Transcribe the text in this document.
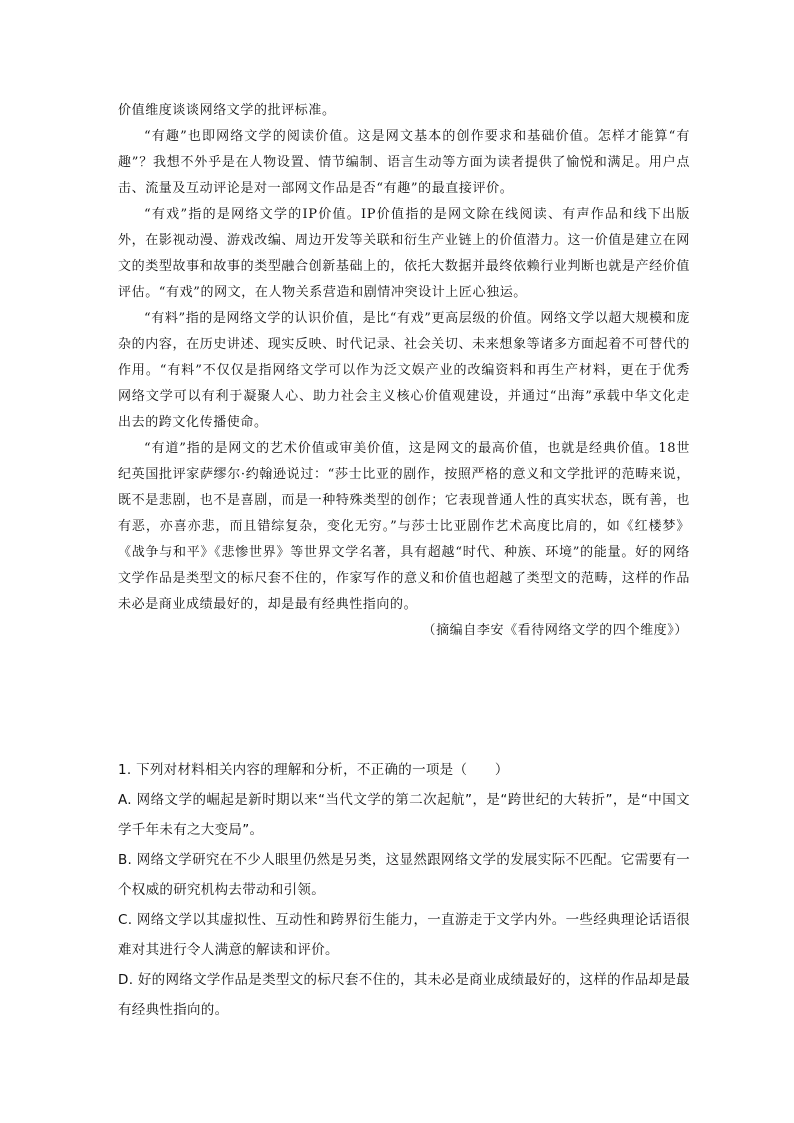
价值维度谈谈网络文学的批评标准。

“有趣”也即网络文学的阅读价值。这是网文基本的创作要求和基础价值。怎样才能算“有趣”？我想不外乎是在人物设置、情节编制、语言生动等方面为读者提供了愉悦和满足。用户点击、流量及互动评论是对一部网文作品是否“有趣”的最直接评价。

“有戏”指的是网络文学的IP价值。IP价值指的是网文除在线阅读、有声作品和线下出版外，在影视动漫、游戏改编、周边开发等关联和衍生产业链上的价值潜力。这一价值是建立在网文的类型故事和故事的类型融合创新基础上的，依托大数据并最终依赖行业判断也就是产经价值评估。“有戏”的网文，在人物关系营造和剧情冲突设计上匠心独运。

“有料”指的是网络文学的认识价值，是比“有戏”更高层级的价值。网络文学以超大规模和庞杂的内容，在历史讲述、现实反映、时代记录、社会关切、未来想象等诸多方面起着不可替代的作用。“有料”不仅仅是指网络文学可以作为泛文娱产业的改编资料和再生产材料，更在于优秀网络文学可以有利于凝聚人心、助力社会主义核心价值观建设，并通过“出海”承载中华文化走出去的跨文化传播使命。

“有道”指的是网文的艺术价值或审美价值，这是网文的最高价值，也就是经典价值。18世纪英国批评家萨缪尔·约翰逊说过：“莎士比亚的剧作，按照严格的意义和文学批评的范畴来说，既不是悲剧，也不是喜剧，而是一种特殊类型的创作；它表现普通人性的真实状态，既有善，也有恶，亦喜亦悲，而且错综复杂，变化无穷。”与莎士比亚剧作艺术高度比肩的，如《红楼梦》《战争与和平》《悲惨世界》等世界文学名著，具有超越“时代、种族、环境”的能量。好的网络文学作品是类型文的标尺套不住的，作家写作的意义和价值也超越了类型文的范畴，这样的作品未必是商业成绩最好的，却是最有经典性指向的。

（摘编自李安《看待网络文学的四个维度》）

1. 下列对材料相关内容的理解和分析，不正确的一项是（　　）

A. 网络文学的崛起是新时期以来“当代文学的第二次起航”，是“跨世纪的大转折”，是“中国文学千年未有之大变局”。

B. 网络文学研究在不少人眼里仍然是另类，这显然跟网络文学的发展实际不匹配。它需要有一个权威的研究机构去带动和引领。

C. 网络文学以其虚拟性、互动性和跨界衍生能力，一直游走于文学内外。一些经典理论话语很难对其进行令人满意的解读和评价。

D. 好的网络文学作品是类型文的标尺套不住的，其未必是商业成绩最好的，这样的作品却是最有经典性指向的。
